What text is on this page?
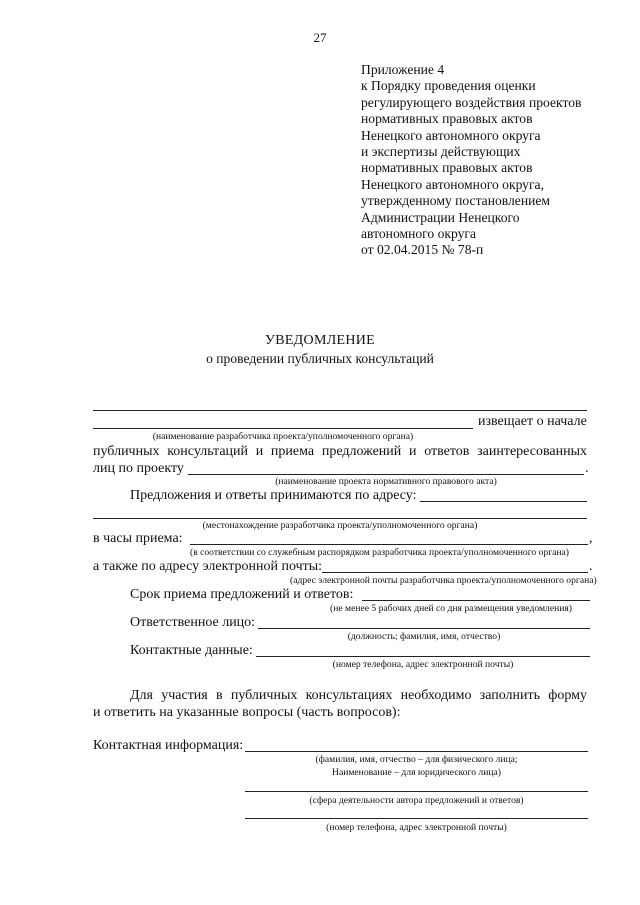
27
Приложение 4
к Порядку проведения оценки
регулирующего воздействия проектов
нормативных правовых актов
Ненецкого автономного округа
и экспертизы действующих
нормативных правовых актов
Ненецкого автономного округа,
утвержденному постановлением
Администрации Ненецкого
автономного округа
от 02.04.2015 № 78-п
УВЕДОМЛЕНИЕ
о проведении публичных консультаций
извещает о начале
(наименование разработчика проекта/уполномоченного органа)
публичных консультаций и приема предложений и ответов заинтересованных
лиц по проекту	.
(наименование проекта нормативного правового акта)
Предложения и ответы принимаются по адресу:
(местонахождение разработчика проекта/уполномоченного органа)
в часы приема:	,
(в соответствии со служебным распорядком разработчика проекта/уполномоченного органа)
а также по адресу электронной почты:	.
(адрес электронной почты разработчика проекта/уполномоченного органа)
Срок приема предложений и ответов:
(не менее 5 рабочих дней со дня размещения уведомления)
Ответственное лицо:
(должность; фамилия, имя, отчество)
Контактные данные:
(номер телефона, адрес электронной почты)
Для участия в публичных консультациях необходимо заполнить форму
и ответить на указанные вопросы (часть вопросов):
Контактная информация:
(фамилия, имя, отчество – для физического лица;
Наименование – для юридического лица)
(сфера деятельности автора предложений и ответов)
(номер телефона, адрес электронной почты)
